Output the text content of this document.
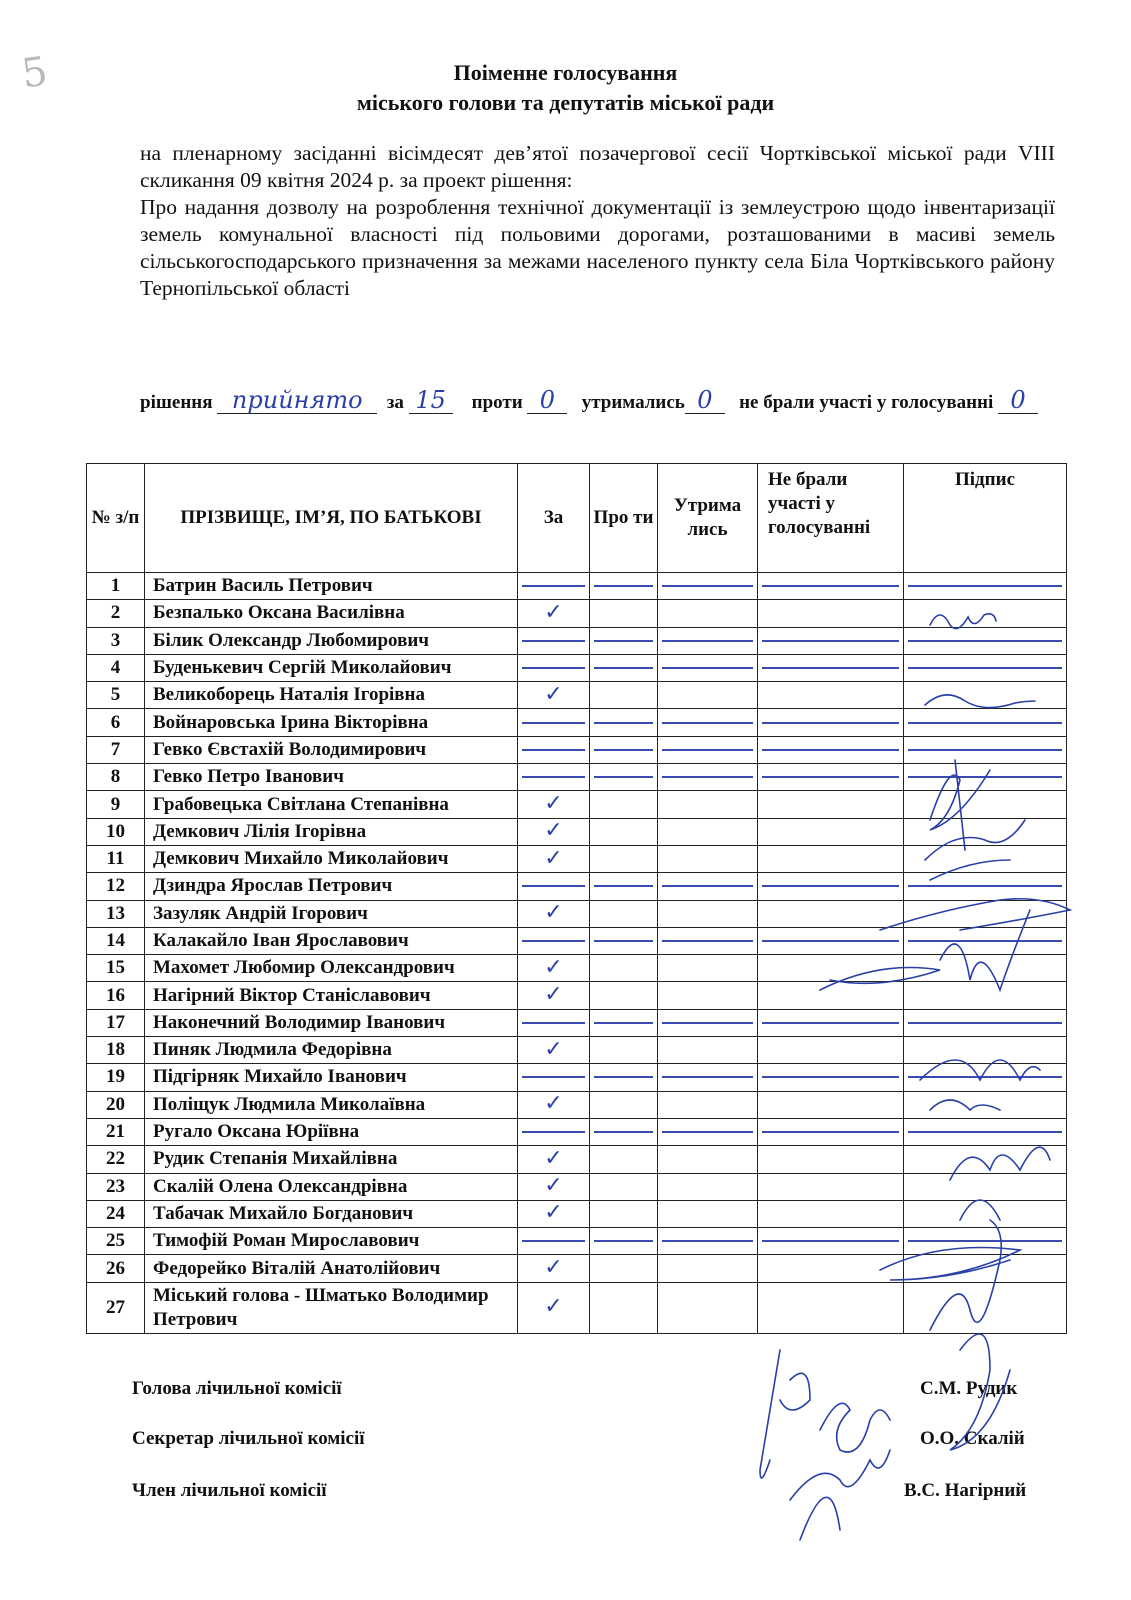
5	Поіменне голосування
міського голови та депутатів міської ради

на пленарному засіданні вісімдесят дев’ятої позачергової сесії Чортківської міської ради VIII скликання 09 квітня 2024 р. за проект рішення:

Про надання дозволу на розроблення технічної документації із землеустрою щодо інвентаризації земель комунальної власності під польовими дорогами, розташованими в масиві земель сільськогосподарського призначення за межами населеного пункту села Біла Чортківського району Тернопільської області

рішення прийнято за 15 проти 0 утримались 0 не брали участі у голосуванні 0
№ з/п	ПРІЗВИЩЕ, ІМ’Я, ПО БАТЬКОВІ	За	Про ти	Утрима лись	Не брали участі у голосуванні	Підпис
1	Батрин Василь Петрович	

2	Безпалько Оксана Василівна	✓				
3	Білик Олександр Любомирович	

4	Буденькевич Сергій Миколайович	

5	Великоборець Наталія Ігорівна	✓				
6	Войнаровська Ірина Вікторівна	

7	Гевко Євстахій Володимирович	

8	Гевко Петро Іванович	

9	Грабовецька Світлана Степанівна	✓				
10	Демкович Лілія Ігорівна	✓				
11	Демкович Михайло Миколайович	✓				
12	Дзиндра Ярослав Петрович	

13	Зазуляк Андрій Ігорович	✓				
14	Калакайло Іван Ярославович	

15	Махомет Любомир Олександрович	✓				
16	Нагірний Віктор Станіславович	✓				
17	Наконечний Володимир Іванович	

18	Пиняк Людмила Федорівна	✓				
19	Підгірняк Михайло Іванович	

20	Поліщук Людмила Миколаївна	✓				
21	Ругало Оксана Юріївна	

22	Рудик Степанія Михайлівна	✓				
23	Скалій Олена Олександрівна	✓				
24	Табачак Михайло Богданович	✓				
25	Тимофій Роман Мирославович	

26	Федорейко Віталій Анатолійович	✓				
27	Міський голова - Шматько Володимир Петрович	✓				
Голова лічильної комісії	С.М. Рудик
Секретар лічильної комісії	О.О. Скалій
Член лічильної комісії	В.С. Нагірний
